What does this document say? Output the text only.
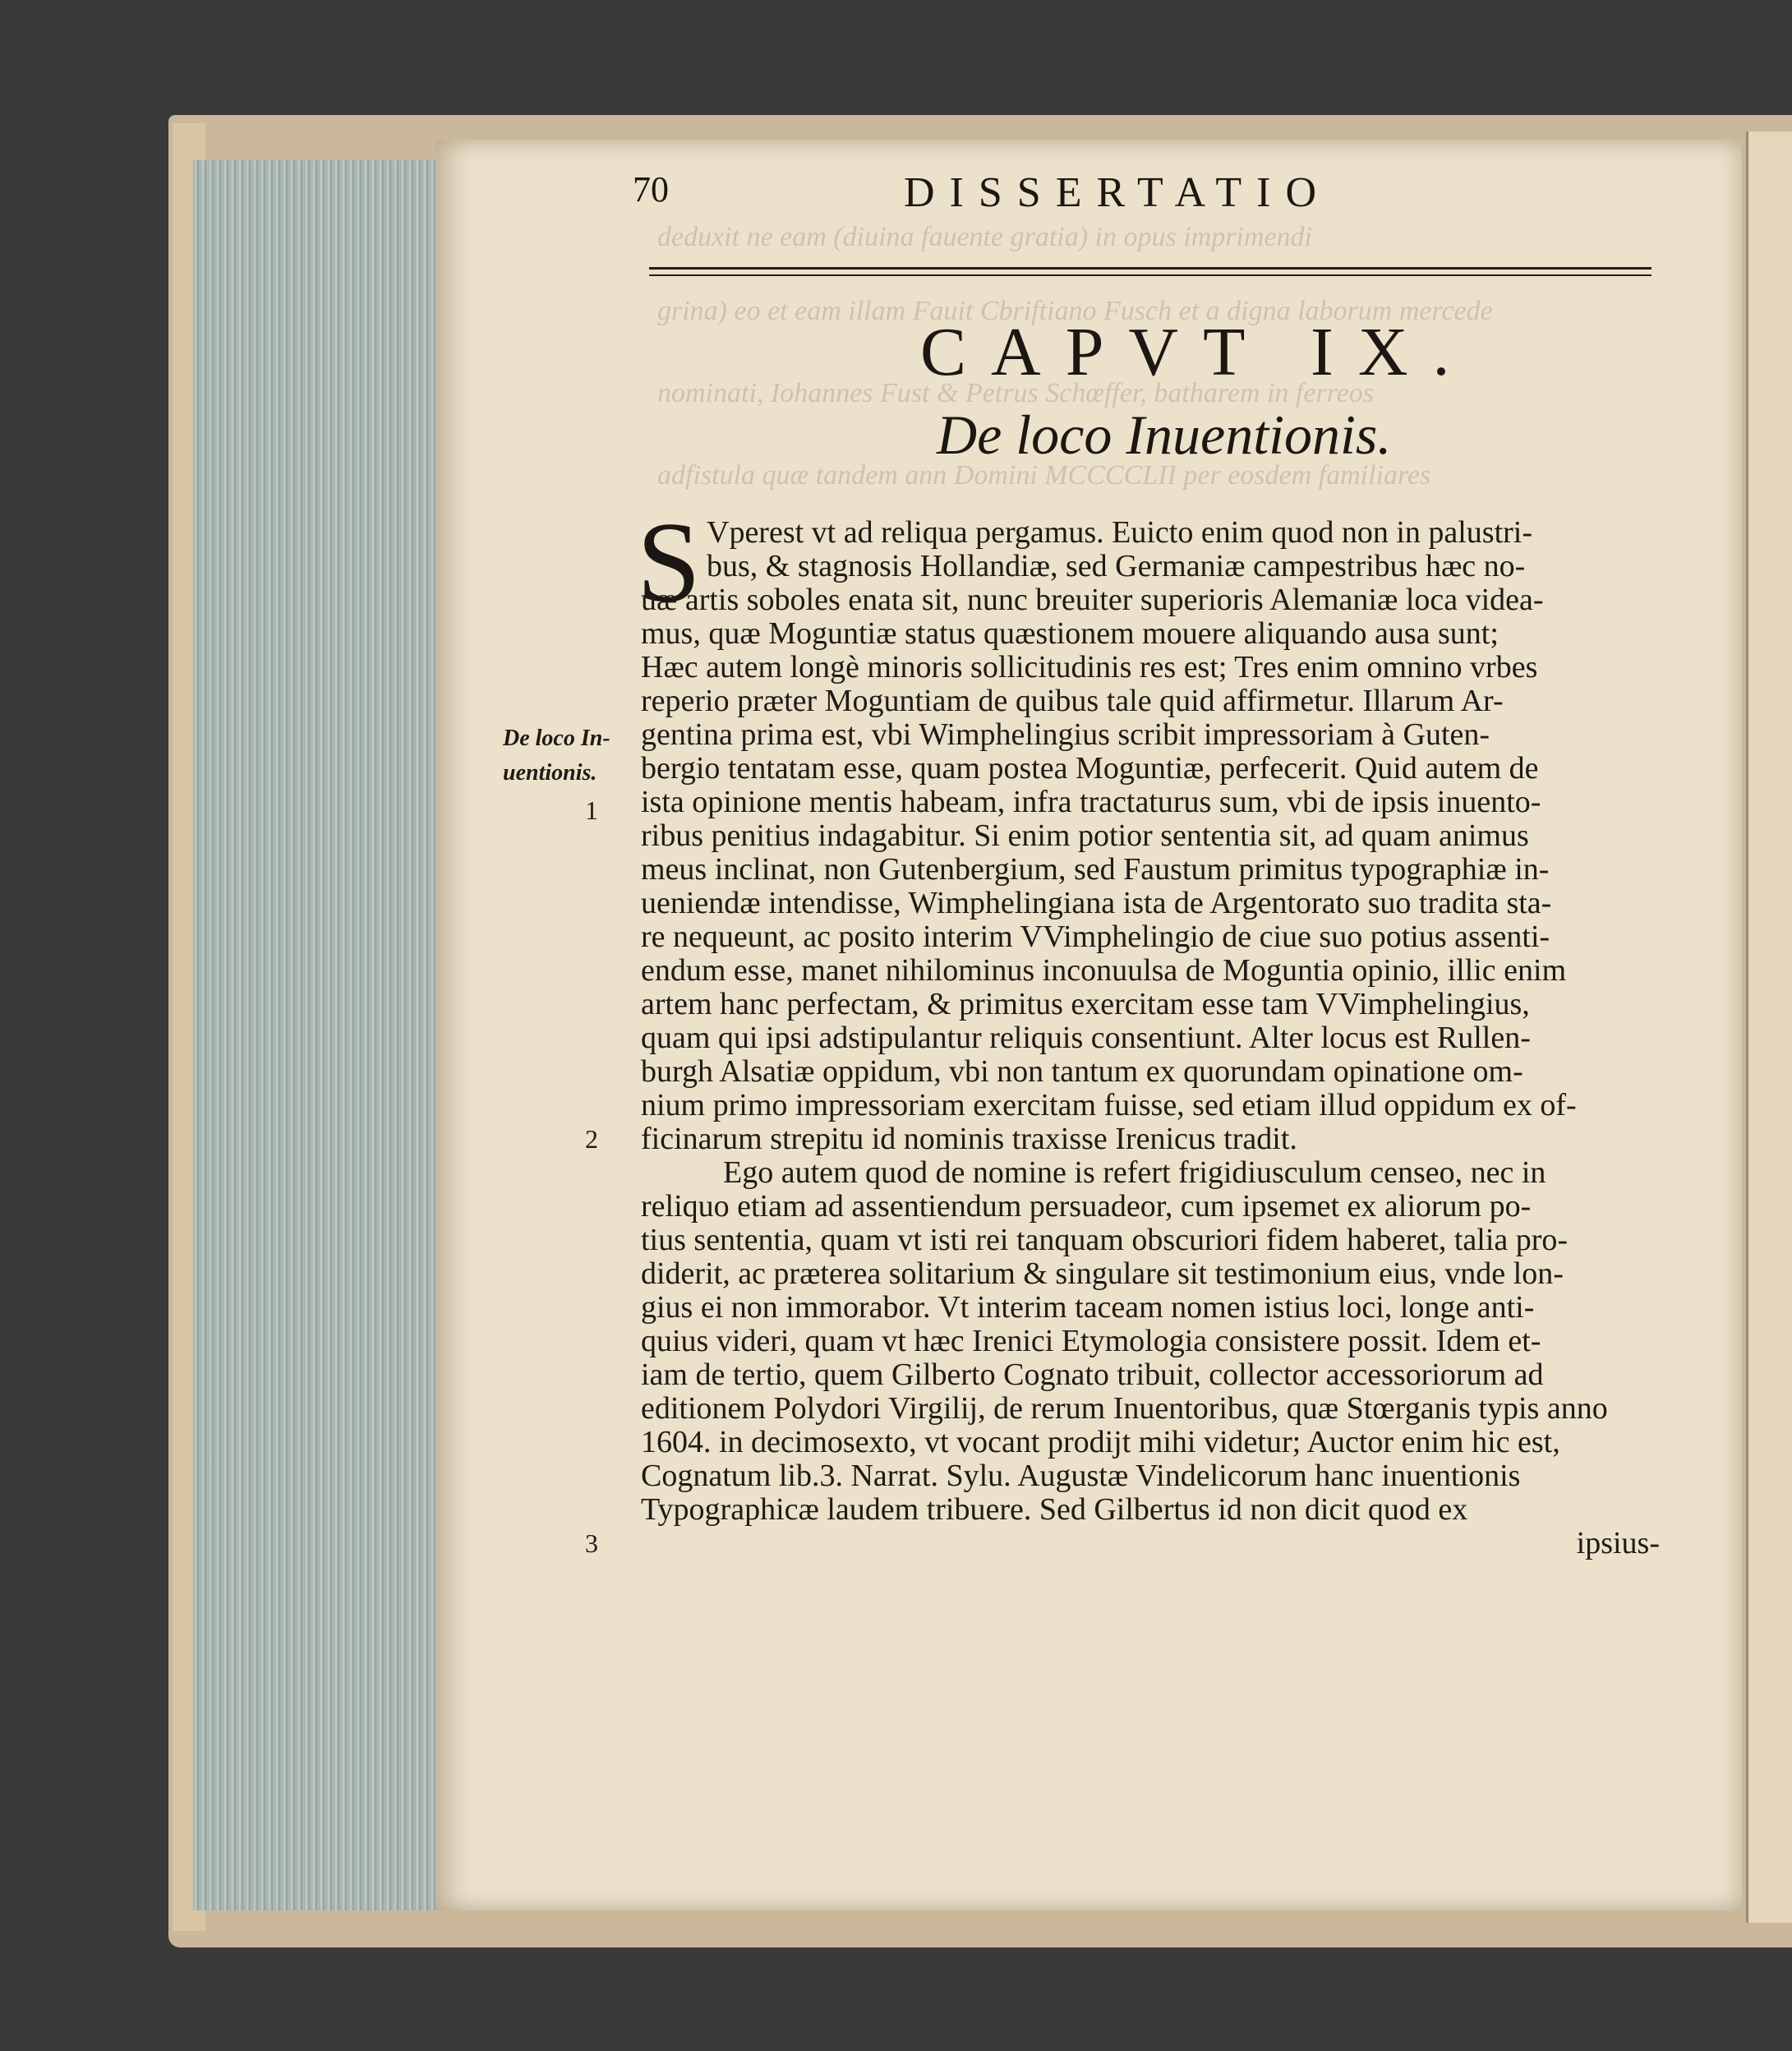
deduxit ne eam (diuina fauente gratia) in opus imprimendi
grina) eo et eam illam Fauit Cbriftiano Fusch et a digna laborum mercede
nominati, Iohannes Fust & Petrus Schœffer, batharem in ferreos
adfistula quæ tandem ann Domini MCCCCLII per eosdem familiares
70	DISSERTATIO
CAPVT IX.
De loco Inuentionis.
S Vperest vt ad reliqua pergamus. Euicto enim quod non in palustri-
bus, & stagnosis Hollandiæ, sed Germaniæ campestribus hæc no-
uæ artis soboles enata sit, nunc breuiter superioris Alemaniæ loca videa-
mus, quæ Moguntiæ status quæstionem mouere aliquando ausa sunt;
Hæc autem longè minoris sollicitudinis res est; Tres enim omnino vrbes
reperio præter Moguntiam de quibus tale quid affirmetur. Illarum Ar-
gentina prima est, vbi Wimphelingius scribit impressoriam à Guten-
bergio tentatam esse, quam postea Moguntiæ, perfecerit. Quid autem de
ista opinione mentis habeam, infra tractaturus sum, vbi de ipsis inuento-
ribus penitius indagabitur. Si enim potior sententia sit, ad quam animus
meus inclinat, non Gutenbergium, sed Faustum primitus typographiæ in-
ueniendæ intendisse, Wimphelingiana ista de Argentorato suo tradita sta-
re nequeunt, ac posito interim VVimphelingio de ciue suo potius assenti-
endum esse, manet nihilominus inconuulsa de Moguntia opinio, illic enim
artem hanc perfectam, & primitus exercitam esse tam VVimphelingius,
quam qui ipsi adstipulantur reliquis consentiunt. Alter locus est Rullen-
burgh Alsatiæ oppidum, vbi non tantum ex quorundam opinatione om-
nium primo impressoriam exercitam fuisse, sed etiam illud oppidum ex of-
ficinarum strepitu id nominis traxisse Irenicus tradit.
Ego autem quod de nomine is refert frigidiusculum censeo, nec in
reliquo etiam ad assentiendum persuadeor, cum ipsemet ex aliorum po-
tius sententia, quam vt isti rei tanquam obscuriori fidem haberet, talia pro-
diderit, ac præterea solitarium & singulare sit testimonium eius, vnde lon-
gius ei non immorabor. Vt interim taceam nomen istius loci, longe anti-
quius videri, quam vt hæc Irenici Etymologia consistere possit. Idem et-
iam de tertio, quem Gilberto Cognato tribuit, collector accessoriorum ad
editionem Polydori Virgilij, de rerum Inuentoribus, quæ Stœrganis typis anno
1604. in decimosexto, vt vocant prodijt mihi videtur; Auctor enim hic est,
Cognatum lib.3. Narrat. Sylu. Augustæ Vindelicorum hanc inuentionis
Typographicæ laudem tribuere. Sed Gilbertus id non dicit quod ex
ipsius-
De loco In-
uentionis.
1
2
3
